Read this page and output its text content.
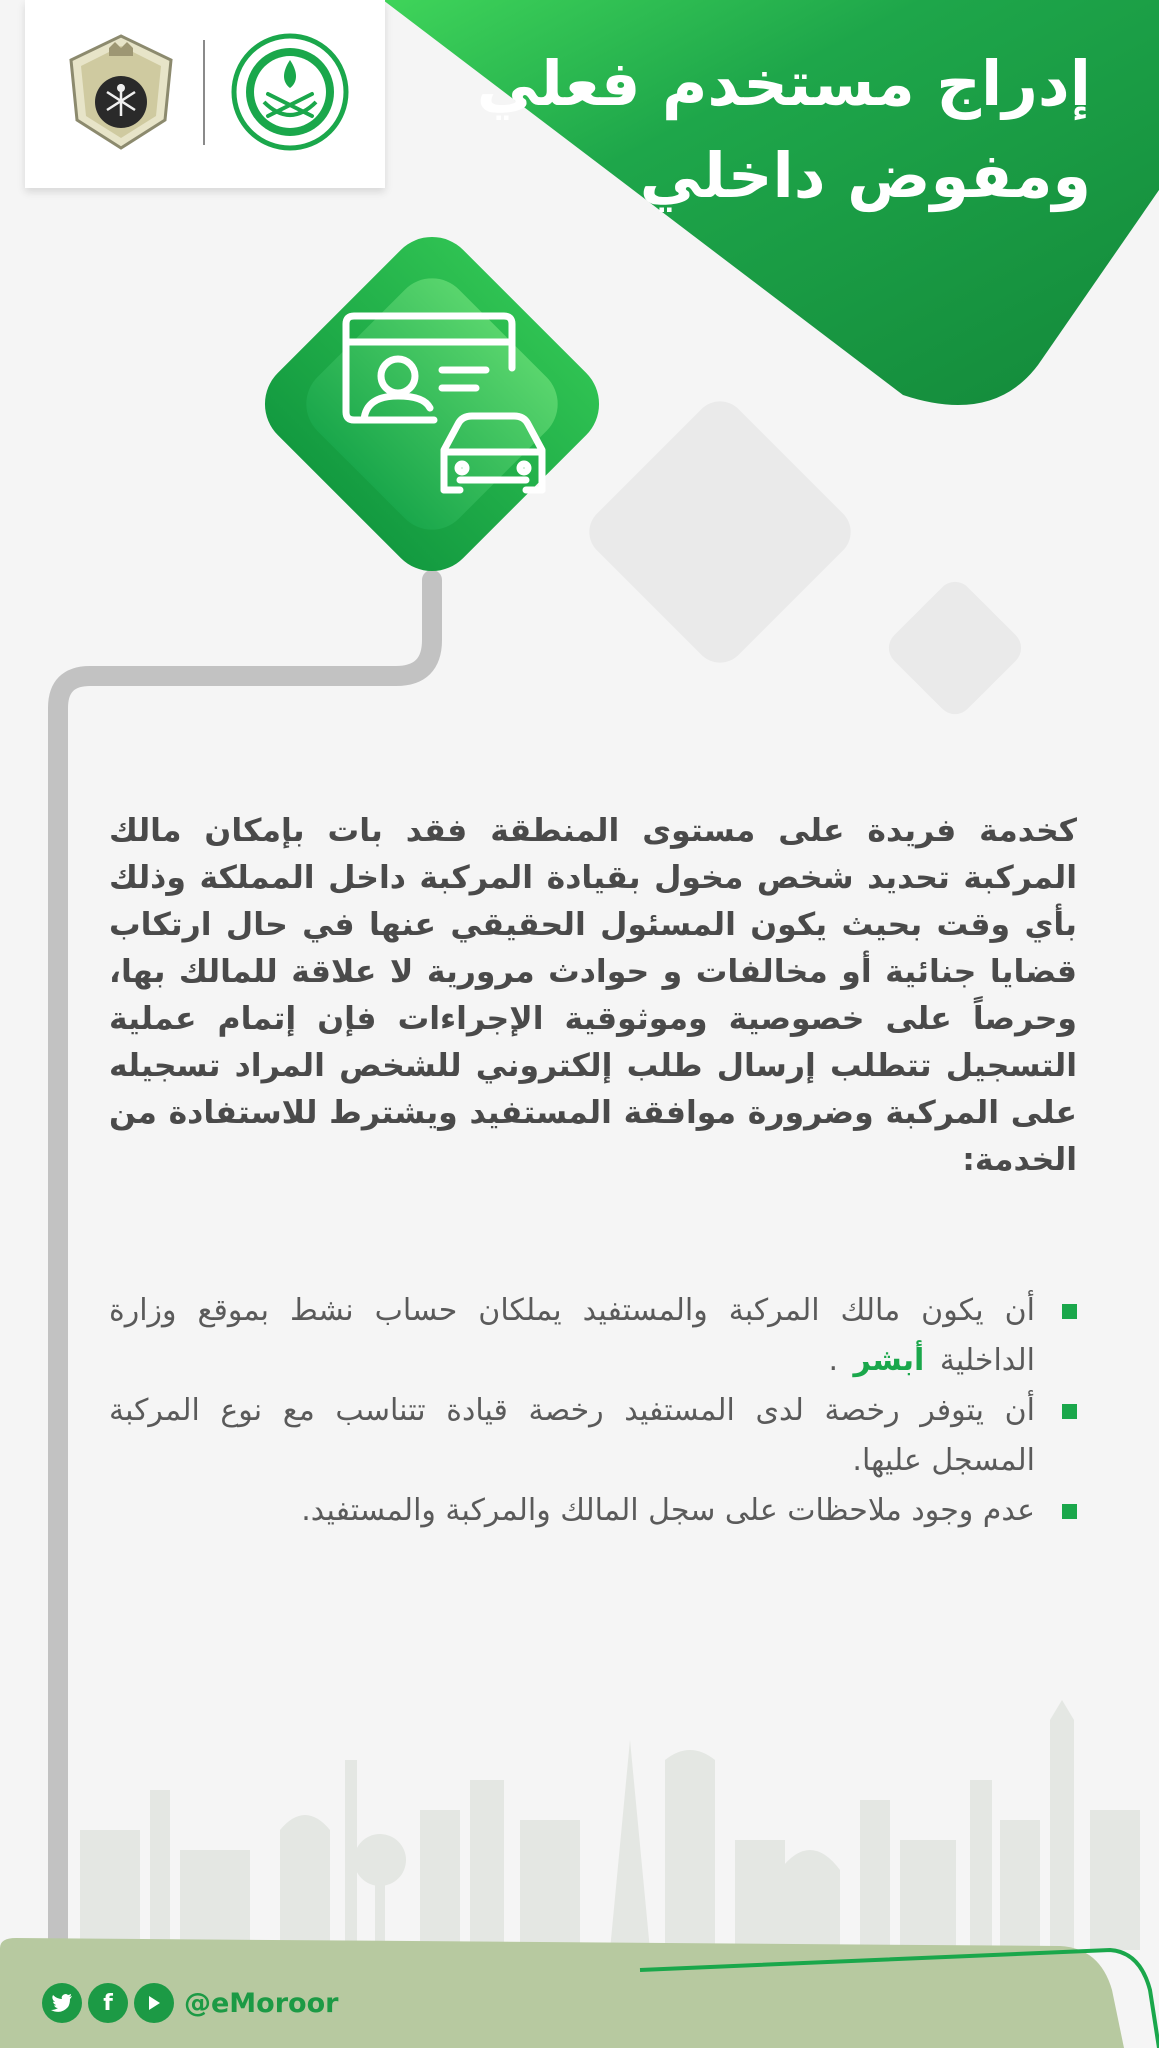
إدراج مستخدم فعلي
ومفوض داخلي
كخدمة فريدة على مستوى المنطقة فقد بات بإمكان مالك المركبة تحديد شخص مخول بقيادة المركبة داخل المملكة وذلك بأي وقت بحيث يكون المسئول الحقيقي عنها في حال ارتكاب قضايا جنائية أو مخالفات و حوادث مرورية لا علاقة للمالك بها، وحرصاً على خصوصية وموثوقية الإجراءات فإن إتمام عملية التسجيل تتطلب إرسال طلب إلكتروني للشخص المراد تسجيله على المركبة وضرورة موافقة المستفيد ويشترط للاستفادة من الخدمة:
أن يكون مالك المركبة والمستفيد يملكان حساب نشط بموقع وزارة الداخلية أبشر .
أن يتوفر رخصة لدى المستفيد رخصة قيادة تتناسب مع نوع المركبة المسجل عليها.
عدم وجود ملاحظات على سجل المالك والمركبة والمستفيد.
f	@eMoroor
